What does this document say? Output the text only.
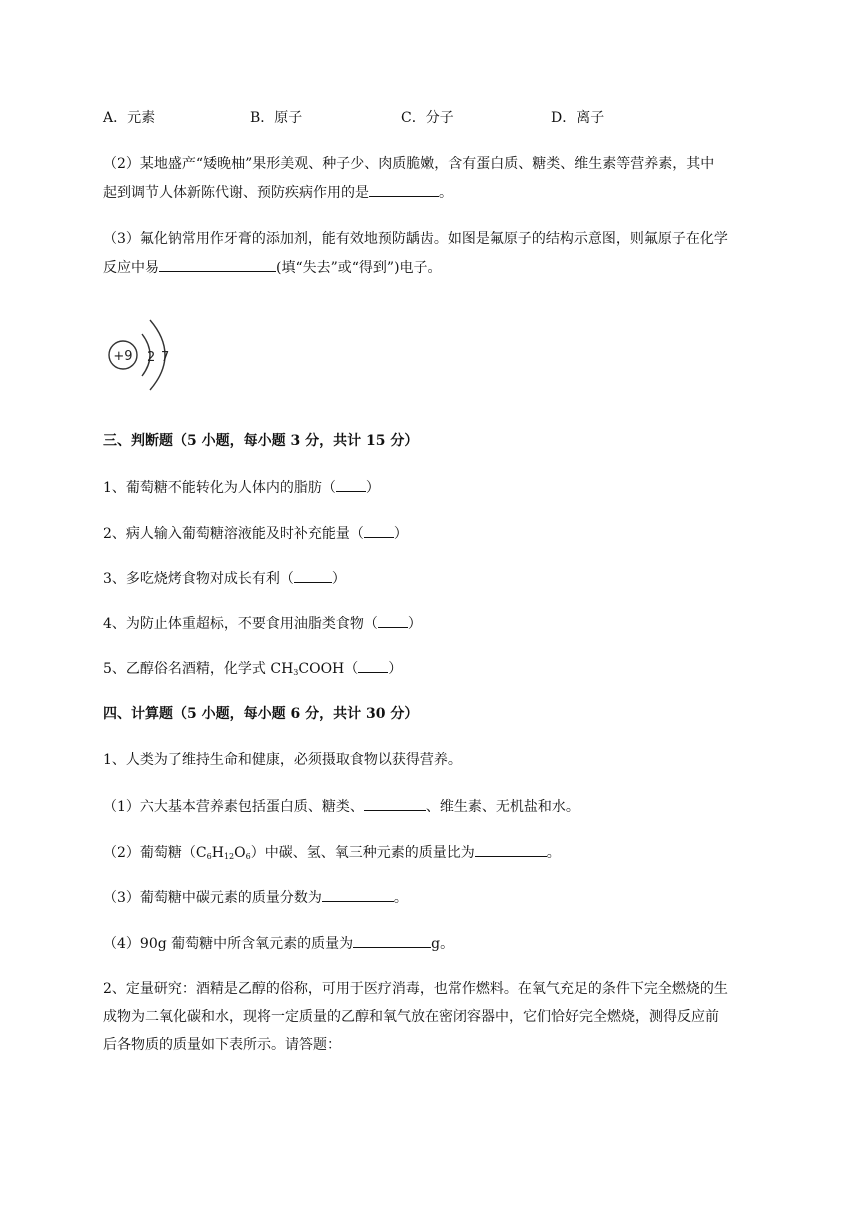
A．元素	B．原子	C．分子	D．离子
（2）某地盛产“矮晚柚”果形美观、种子少、肉质脆嫩，含有蛋白质、糖类、维生素等营养素，其中
起到调节人体新陈代谢、预防疾病作用的是	。
（3）氟化钠常用作牙膏的添加剂，能有效地预防龋齿。如图是氟原子的结构示意图，则氟原子在化学
反应中易	(填“失去”或“得到”)电子。
+9 2 7
三、判断题（5 小题，每小题 3 分，共计 15 分）
1、葡萄糖不能转化为人体内的脂肪（ ）
2、病人输入葡萄糖溶液能及时补充能量（ ）
3、多吃烧烤食物对成长有利（	）
4、为防止体重超标，不要食用油脂类食物（ ）
5、乙醇俗名酒精，化学式 $CH_3COOH$（ ）
四、计算题（5 小题，每小题 6 分，共计 30 分）
1、人类为了维持生命和健康，必须摄取食物以获得营养。
（1）六大基本营养素包括蛋白质、糖类、	、维生素、无机盐和水。
（2）葡萄糖$(C_6H_{12}O_6)$中碳、氢、氧三种元素的质量比为	。
（3）葡萄糖中碳元素的质量分数为	。
（4）90g 葡萄糖中所含氧元素的质量为	g。
2、定量研究：酒精是乙醇的俗称，可用于医疗消毒，也常作燃料。在氧气充足的条件下完全燃烧的生
成物为二氧化碳和水，现将一定质量的乙醇和氧气放在密闭容器中，它们恰好完全燃烧，测得反应前
后各物质的质量如下表所示。请答题：
